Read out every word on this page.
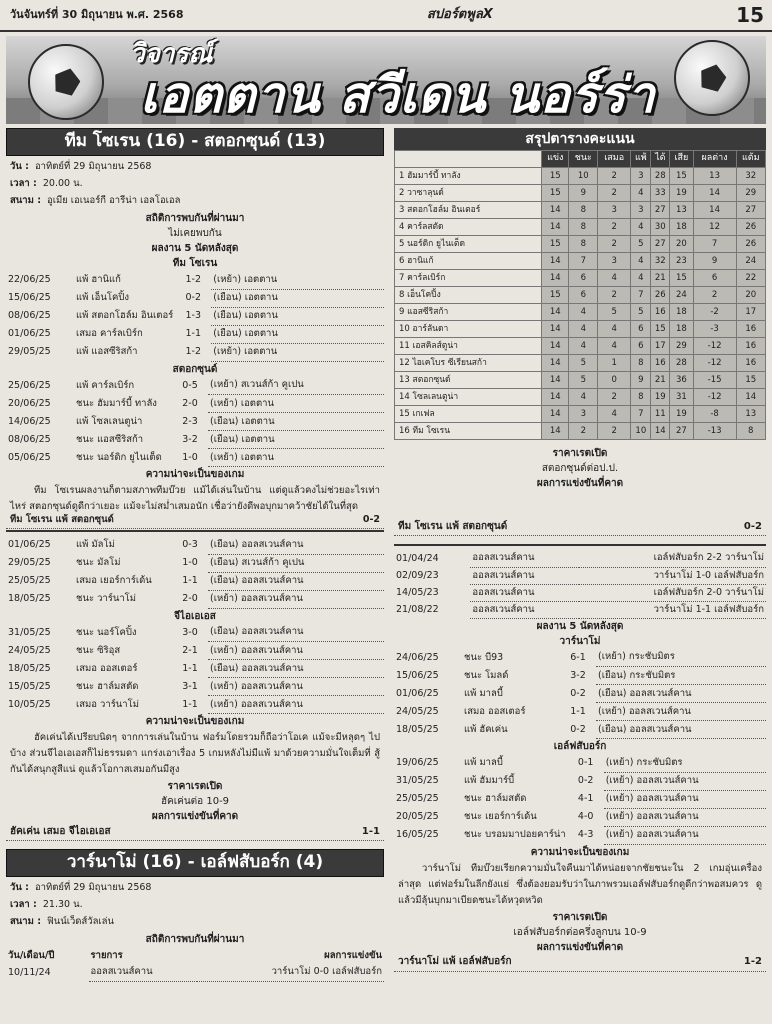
วันจันทร์ที่ 30 มิถุนายน พ.ศ. 2568	สปอร์ตพูลX	15
วิจารณ์
เอตตาน สวีเดน นอร์ร่า
ทีม โซเรน (16) - สตอกซุนด์ (13)
วัน : อาทิตย์ที่ 29 มิถุนายน 2568
เวลา : 20.00 น.
สนาม : อูเมีย เอเนอร์กี อารีน่า เอลโอเอล
สถิติการพบกันที่ผ่านมา
ไม่เคยพบกัน
ผลงาน 5 นัดหลังสุด
ทีม โซเรน
22/06/25	แพ้ ฮานิแก้	1-2	(เหย้า) เอตตาน
15/06/25	แพ้ เอ็นโคปิ้ง	0-2	(เยือน) เอตตาน
08/06/25	แพ้ สตอกโฮล์ม อินเตอร์	1-3	(เยือน) เอตตาน
01/06/25	เสมอ คาร์ลเบิร์ก	1-1	(เยือน) เอตตาน
29/05/25	แพ้ แอสซีริสก้า	1-2	(เหย้า) เอตตาน
สตอกซุนด์
25/06/25	แพ้ คาร์ลเบิร์ก	0-5	(เหย้า) สเวนส์ก้า คูเปน
20/06/25	ชนะ ฮัมมาร์บี้ ทาลัง	2-0	(เหย้า) เอตตาน
14/06/25	แพ้ โซลเลนตูน่า	2-3	(เยือน) เอตตาน
08/06/25	ชนะ แอสซีริสก้า	3-2	(เยือน) เอตตาน
05/06/25	ชนะ นอร์ดิก ยูไนเต็ด	1-0	(เหย้า) เอตตาน
ความน่าจะเป็นของเกม
ทีม โซเรนผลงานก็ตามสภาพทีมบ๊วย แม้ได้เล่นในบ้าน แต่ดูแล้วคงไม่ช่วยอะไรเท่าไหร่ สตอกซุนด์ดูดีกว่าเยอะ แม้จะไม่สม่ำเสมอนัก เชื่อว่ายังดีพอบุกมาคว้าชัยได้ในที่สุด
01/06/25	แพ้ มัลโม่	0-3	(เยือน) ออลสเวนส์คาน
29/05/25	ชนะ มัลโม่	1-0	(เยือน) สเวนส์ก้า คูเปน
25/05/25	เสมอ เยอร์การ์เด้น	1-1	(เยือน) ออลสเวนส์คาน
18/05/25	ชนะ วาร์นาโม่	2-0	(เหย้า) ออลสเวนส์คาน
จีไอเอเอส
31/05/25	ชนะ นอร์โคปิ้ง	3-0	(เยือน) ออลสเวนส์คาน
24/05/25	ชนะ ซิริอุส	2-1	(เหย้า) ออลสเวนส์คาน
18/05/25	เสมอ ออสเตอร์	1-1	(เยือน) ออลสเวนส์คาน
15/05/25	ชนะ ฮาล์มสตัด	3-1	(เหย้า) ออลสเวนส์คาน
10/05/25	เสมอ วาร์นาโม่	1-1	(เหย้า) ออลสเวนส์คาน
ความน่าจะเป็นของเกม
ฮัคเค่นได้เปรียบนิดๆ จากการเล่นในบ้าน ฟอร์มโดยรวมก็ถือว่าโอเค แม้จะมีหลุดๆ ไปบ้าง ส่วนจีไอเอเอสก็ไม่ธรรมดา แกร่งเอาเรื่อง 5 เกมหลังไม่มีแพ้ มาด้วยความมั่นใจเต็มที่ สู้กันได้สนุกสูสีแน่ ดูแล้วโอกาสเสมอกันมีสูง
ราคาเรตเปิด
ฮัคเค่นต่อ 10-9
ผลการแข่งขันที่คาด
ฮัคเค่น เสมอ จีไอเอเอส	1-1
วาร์นาโม่ (16) - เอล์ฟสับอร์ก (4)
วัน : อาทิตย์ที่ 29 มิถุนายน 2568
เวลา : 21.30 น.
สนาม : ฟินน์เว็ดส์วัลเล่น
สถิติการพบกันที่ผ่านมา
วัน/เดือน/ปี	รายการ	ผลการแข่งขัน
10/11/24	ออลสเวนส์คาน	วาร์นาโม่ 0-0 เอล์ฟสับอร์ก
สรุปตารางคะแนน
	แข่ง	ชนะ	เสมอ	แพ้	ได้	เสีย	ผลต่าง	แต้ม
1 ฮัมมาร์บี้ ทาลัง	15	10	2	3	28	15	13	32
2 วาซาลุนด์	15	9	2	4	33	19	14	29
3 สตอกโฮล์ม อินเตอร์	14	8	3	3	27	13	14	27
4 คาร์ลสตัด	14	8	2	4	30	18	12	26
5 นอร์ดิก ยูไนเต็ด	15	8	2	5	27	20	7	26
6 ฮานิแก้	14	7	3	4	32	23	9	24
7 คาร์ลเบิร์ก	14	6	4	4	21	15	6	22
8 เอ็นโคปิ้ง	15	6	2	7	26	24	2	20
9 แอสซีริสก้า	14	4	5	5	16	18	-2	17
10 อาร์ลันดา	14	4	4	6	15	18	-3	16
11 เอสคิลส์ตูน่า	14	4	4	6	17	29	-12	16
12 ไอเคโบร ซีเรียนสก้า	14	5	1	8	16	28	-12	16
13 สตอกซุนด์	14	5	0	9	21	36	-15	15
14 โซลเลนตูน่า	14	4	2	8	19	31	-12	14
15 เกเฟล	14	3	4	7	11	19	-8	13
16 ทีม โซเรน	14	2	2	10	14	27	-13	8
ราคาเรตเปิด
สตอกซุนด์ต่อป.ป.
ผลการแข่งขันที่คาด
ทีม โซเรน แพ้ สตอกซุนด์	0-2
01/04/24	ออลสเวนส์คาน	เอล์ฟสับอร์ก 2-2 วาร์นาโม่
02/09/23	ออลสเวนส์คาน	วาร์นาโม่ 1-0 เอล์ฟสับอร์ก
14/05/23	ออลสเวนส์คาน	เอล์ฟสับอร์ก 2-0 วาร์นาโม่
21/08/22	ออลสเวนส์คาน	วาร์นาโม่ 1-1 เอล์ฟสับอร์ก
ผลงาน 5 นัดหลังสุด
วาร์นาโม่
24/06/25	ชนะ บี93	6-1	(เหย้า) กระชับมิตร
15/06/25	ชนะ โมลด์	3-2	(เยือน) กระชับมิตร
01/06/25	แพ้ มาลบี้	0-2	(เยือน) ออลสเวนส์คาน
24/05/25	เสมอ ออสเตอร์	1-1	(เหย้า) ออลสเวนส์คาน
18/05/25	แพ้ ฮัคเค่น	0-2	(เยือน) ออลสเวนส์คาน
เอล์ฟสับอร์ก
19/06/25	แพ้ มาลบี้	0-1	(เหย้า) กระชับมิตร
31/05/25	แพ้ ฮัมมาร์บี้	0-2	(เหย้า) ออลสเวนส์คาน
25/05/25	ชนะ ฮาล์มสตัด	4-1	(เหย้า) ออลสเวนส์คาน
20/05/25	ชนะ เยอร์การ์เด้น	4-0	(เหย้า) ออลสเวนส์คาน
16/05/25	ชนะ บรอมมาปอยคาร์น่า	4-3	(เหย้า) ออลสเวนส์คาน
ความน่าจะเป็นของเกม
วาร์นาโม่ ทีมบ๊วยเรียกความมั่นใจคืนมาได้หน่อยจากชัยชนะใน 2 เกมอุ่นเครื่องล่าสุด แต่ฟอร์มในลีกยังแย่ ซึ่งต้องยอมรับว่าในภาพรวมเอล์ฟสับอร์กดูดีกว่าพอสมควร ดูแล้วมีลุ้นบุกมาเบียดชนะได้หวุดหวิด
ราคาเรตเปิด
เอล์ฟสับอร์กต่อครึ่งลูกบน 10-9
ผลการแข่งขันที่คาด
วาร์นาโม่ แพ้ เอล์ฟสับอร์ก	1-2
ทีม โซเรน แพ้ สตอกซุนด์	0-2
